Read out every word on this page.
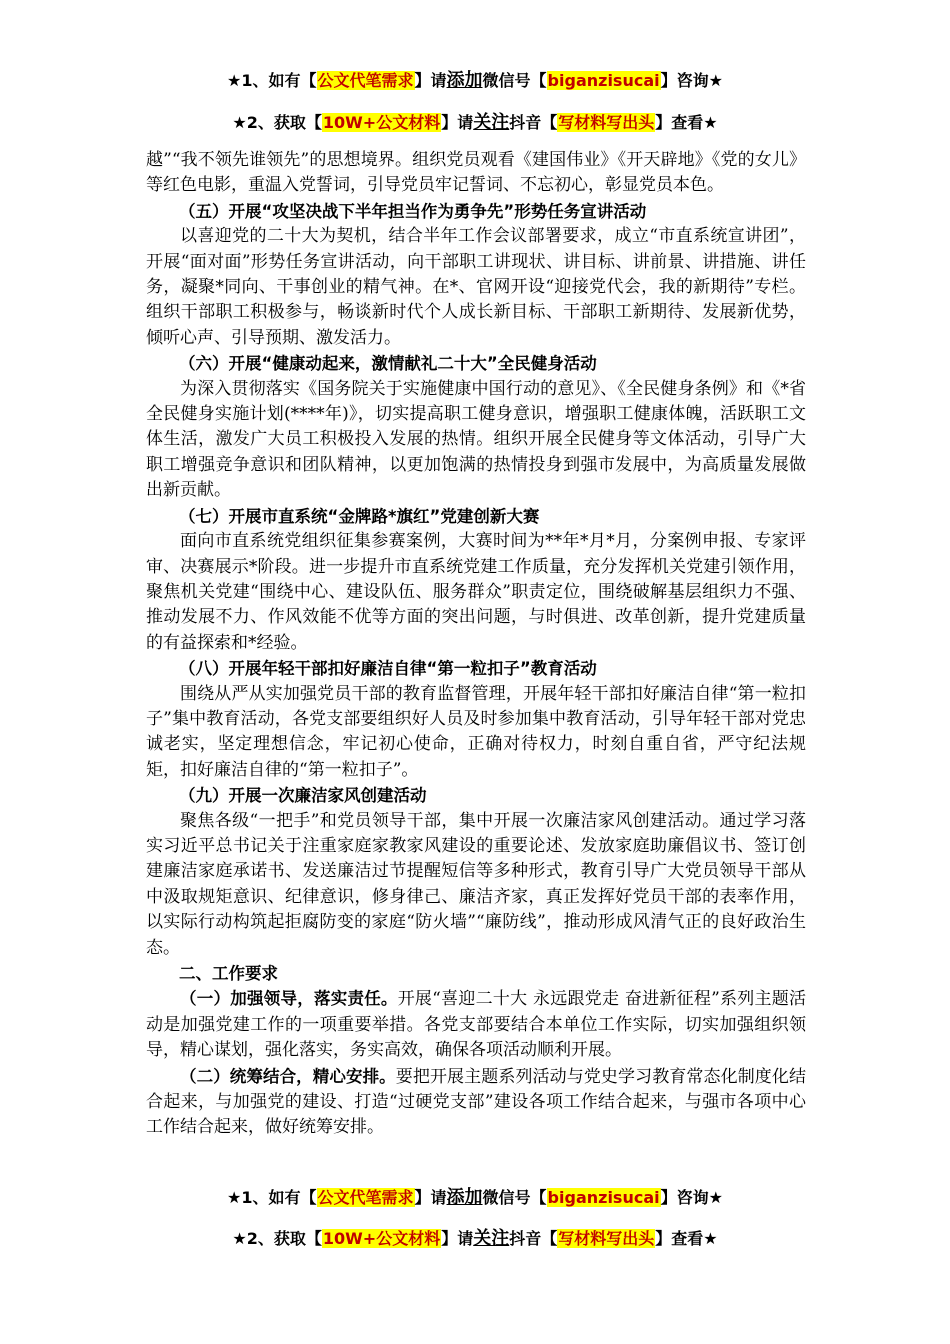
★1、如有【公文代笔需求】请添加微信号【biganzisucai】咨询★
★2、获取【10W+公文材料】请关注抖音【写材料写出头】查看★

越”“我不领先谁领先”的思想境界。组织党员观看《建国伟业》《开天辟地》《党的女儿》等红色电影，重温入党誓词，引导党员牢记誓词、不忘初心，彰显党员本色。

（五）开展“攻坚决战下半年担当作为勇争先”形势任务宣讲活动

以喜迎党的二十大为契机，结合半年工作会议部署要求，成立“市直系统宣讲团”，开展“面对面”形势任务宣讲活动，向干部职工讲现状、讲目标、讲前景、讲措施、讲任务，凝聚*同向、干事创业的精气神。在*、官网开设“迎接党代会，我的新期待”专栏。组织干部职工积极参与，畅谈新时代个人成长新目标、干部职工新期待、发展新优势，倾听心声、引导预期、激发活力。

（六）开展“健康动起来，激情献礼二十大”全民健身活动

为深入贯彻落实《国务院关于实施健康中国行动的意见》、《全民健身条例》和《*省全民健身实施计划(****年)》，切实提高职工健身意识，增强职工健康体魄，活跃职工文体生活，激发广大员工积极投入发展的热情。组织开展全民健身等文体活动，引导广大职工增强竞争意识和团队精神，以更加饱满的热情投身到强市发展中，为高质量发展做出新贡献。

（七）开展市直系统“金牌路*旗红”党建创新大赛

面向市直系统党组织征集参赛案例，大赛时间为**年*月*月，分案例申报、专家评审、决赛展示*阶段。进一步提升市直系统党建工作质量，充分发挥机关党建引领作用，聚焦机关党建“围绕中心、建设队伍、服务群众”职责定位，围绕破解基层组织力不强、推动发展不力、作风效能不优等方面的突出问题，与时俱进、改革创新，提升党建质量的有益探索和*经验。

（八）开展年轻干部扣好廉洁自律“第一粒扣子”教育活动

围绕从严从实加强党员干部的教育监督管理，开展年轻干部扣好廉洁自律“第一粒扣子”集中教育活动，各党支部要组织好人员及时参加集中教育活动，引导年轻干部对党忠诚老实，坚定理想信念，牢记初心使命，正确对待权力，时刻自重自省，严守纪法规矩，扣好廉洁自律的“第一粒扣子”。

（九）开展一次廉洁家风创建活动

聚焦各级“一把手”和党员领导干部，集中开展一次廉洁家风创建活动。通过学习落实习近平总书记关于注重家庭家教家风建设的重要论述、发放家庭助廉倡议书、签订创建廉洁家庭承诺书、发送廉洁过节提醒短信等多种形式，教育引导广大党员领导干部从中汲取规矩意识、纪律意识，修身律己、廉洁齐家，真正发挥好党员干部的表率作用，以实际行动构筑起拒腐防变的家庭“防火墙”“廉防线”，推动形成风清气正的良好政治生态。

二、工作要求

（一）加强领导，落实责任。开展“喜迎二十大 永远跟党走 奋进新征程”系列主题活动是加强党建工作的一项重要举措。各党支部要结合本单位工作实际，切实加强组织领导，精心谋划，强化落实，务实高效，确保各项活动顺利开展。

（二）统筹结合，精心安排。要把开展主题系列活动与党史学习教育常态化制度化结合起来，与加强党的建设、打造“过硬党支部”建设各项工作结合起来，与强市各项中心工作结合起来，做好统筹安排。

★1、如有【公文代笔需求】请添加微信号【biganzisucai】咨询★
★2、获取【10W+公文材料】请关注抖音【写材料写出头】查看★
